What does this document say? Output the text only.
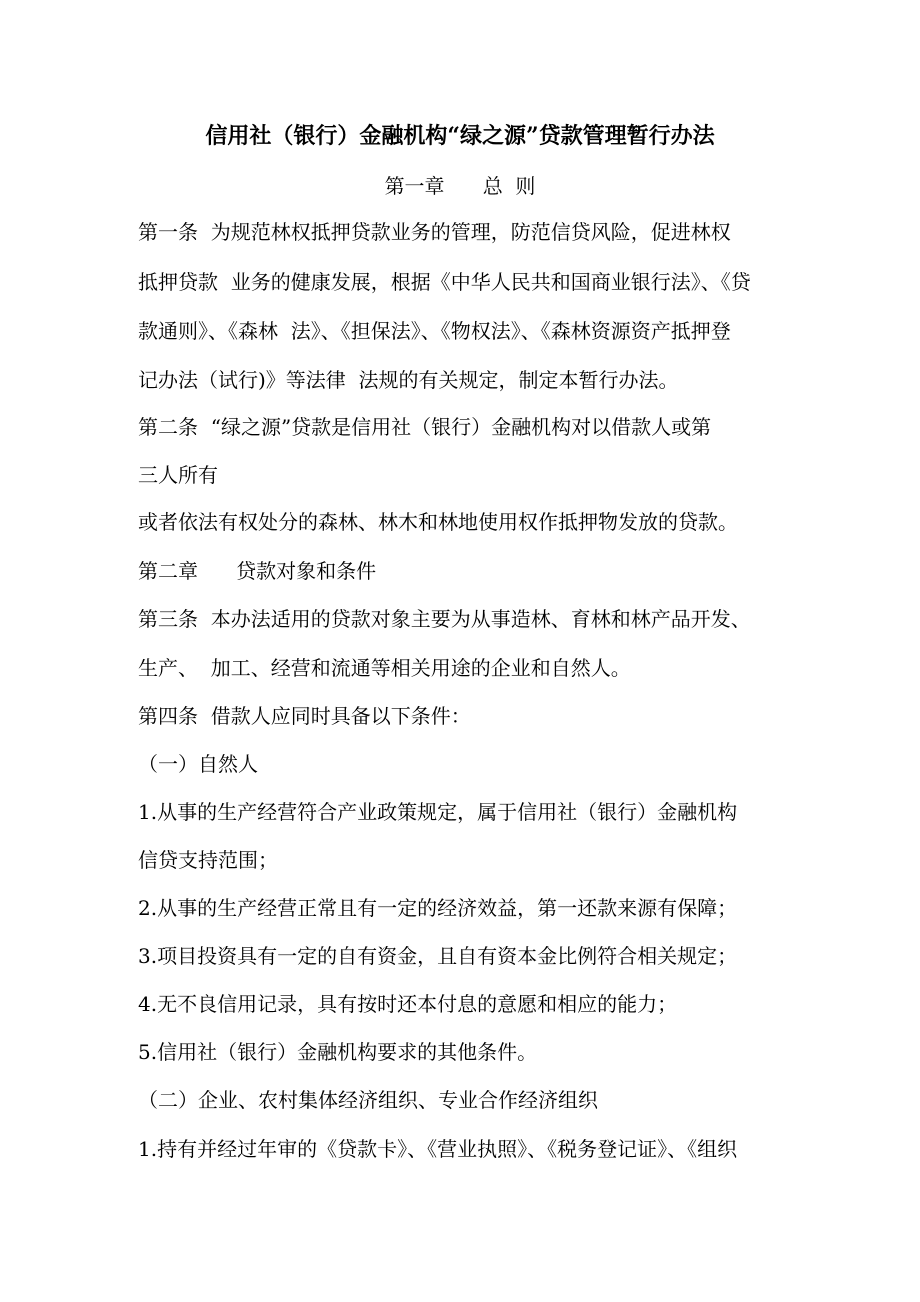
信用社（银行）金融机构“绿之源”贷款管理暂行办法
第一章      总  则
第一条  为规范林权抵押贷款业务的管理，防范信贷风险，促进林权
抵押贷款  业务的健康发展，根据《中华人民共和国商业银行法》、《贷
款通则》、《森林  法》、《担保法》、《物权法》、《森林资源资产抵押登
记办法（试行)》等法律  法规的有关规定，制定本暂行办法。
第二条  “绿之源”贷款是信用社（银行）金融机构对以借款人或第
三人所有
或者依法有权处分的森林、林木和林地使用权作抵押物发放的贷款。
第二章      贷款对象和条件
第三条  本办法适用的贷款对象主要为从事造林、育林和林产品开发、
生产、  加工、经营和流通等相关用途的企业和自然人。
第四条  借款人应同时具备以下条件：
（一）自然人
1.从事的生产经营符合产业政策规定，属于信用社（银行）金融机构
信贷支持范围；
2.从事的生产经营正常且有一定的经济效益，第一还款来源有保障；
3.项目投资具有一定的自有资金，且自有资本金比例符合相关规定；
4.无不良信用记录，具有按时还本付息的意愿和相应的能力；
5.信用社（银行）金融机构要求的其他条件。
（二）企业、农村集体经济组织、专业合作经济组织
1.持有并经过年审的《贷款卡》、《营业执照》、《税务登记证》、《组织
